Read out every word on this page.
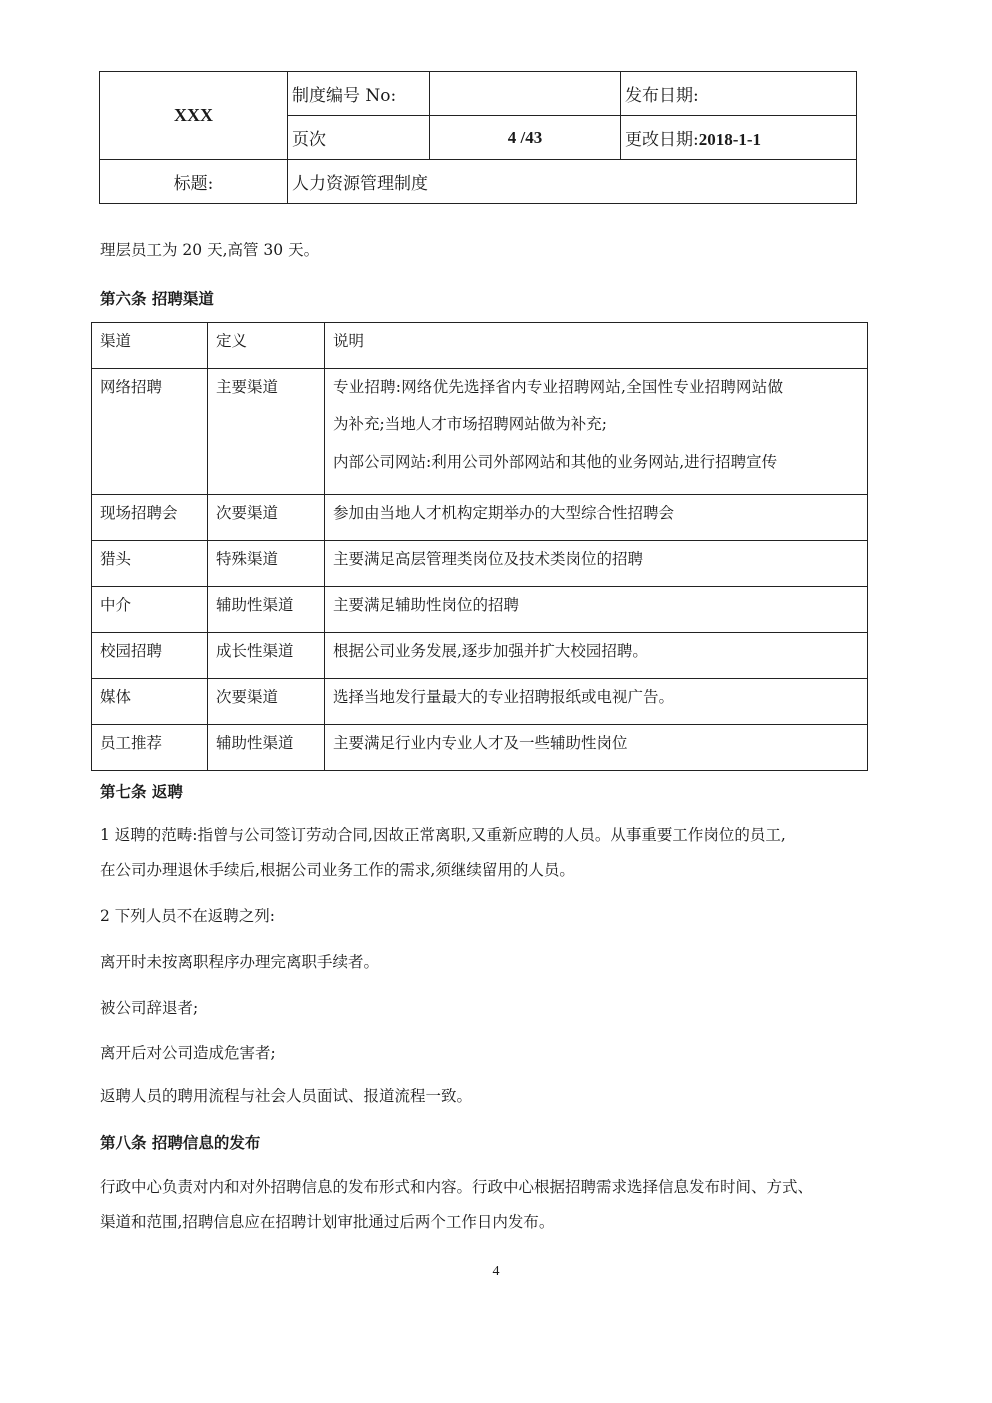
XXX	制度编号 No:		发布日期:
	页次	4 /43	更改日期:2018-1-1
标题:	人力资源管理制度		

理层员工为 20 天,高管 30 天。

第六条 招聘渠道

渠道	定义	说明

网络招聘	主要渠道	专业招聘:网络优先选择省内专业招聘网站,全国性专业招聘网站做
为补充;当地人才市场招聘网站做为补充;
内部公司网站:利用公司外部网站和其他的业务网站,进行招聘宣传

现场招聘会	次要渠道	参加由当地人才机构定期举办的大型综合性招聘会

猎头	特殊渠道	主要满足高层管理类岗位及技术类岗位的招聘

中介	辅助性渠道	主要满足辅助性岗位的招聘

校园招聘	成长性渠道	根据公司业务发展,逐步加强并扩大校园招聘。

媒体	次要渠道	选择当地发行量最大的专业招聘报纸或电视广告。

员工推荐	辅助性渠道	主要满足行业内专业人才及一些辅助性岗位

第七条 返聘

1 返聘的范畴:指曾与公司签订劳动合同,因故正常离职,又重新应聘的人员。从事重要工作岗位的员工,

在公司办理退休手续后,根据公司业务工作的需求,须继续留用的人员。

2 下列人员不在返聘之列:

离开时未按离职程序办理完离职手续者。

被公司辞退者;

离开后对公司造成危害者;

返聘人员的聘用流程与社会人员面试、报道流程一致。

第八条 招聘信息的发布

行政中心负责对内和对外招聘信息的发布形式和内容。行政中心根据招聘需求选择信息发布时间、方式、

渠道和范围,招聘信息应在招聘计划审批通过后两个工作日内发布。

4
